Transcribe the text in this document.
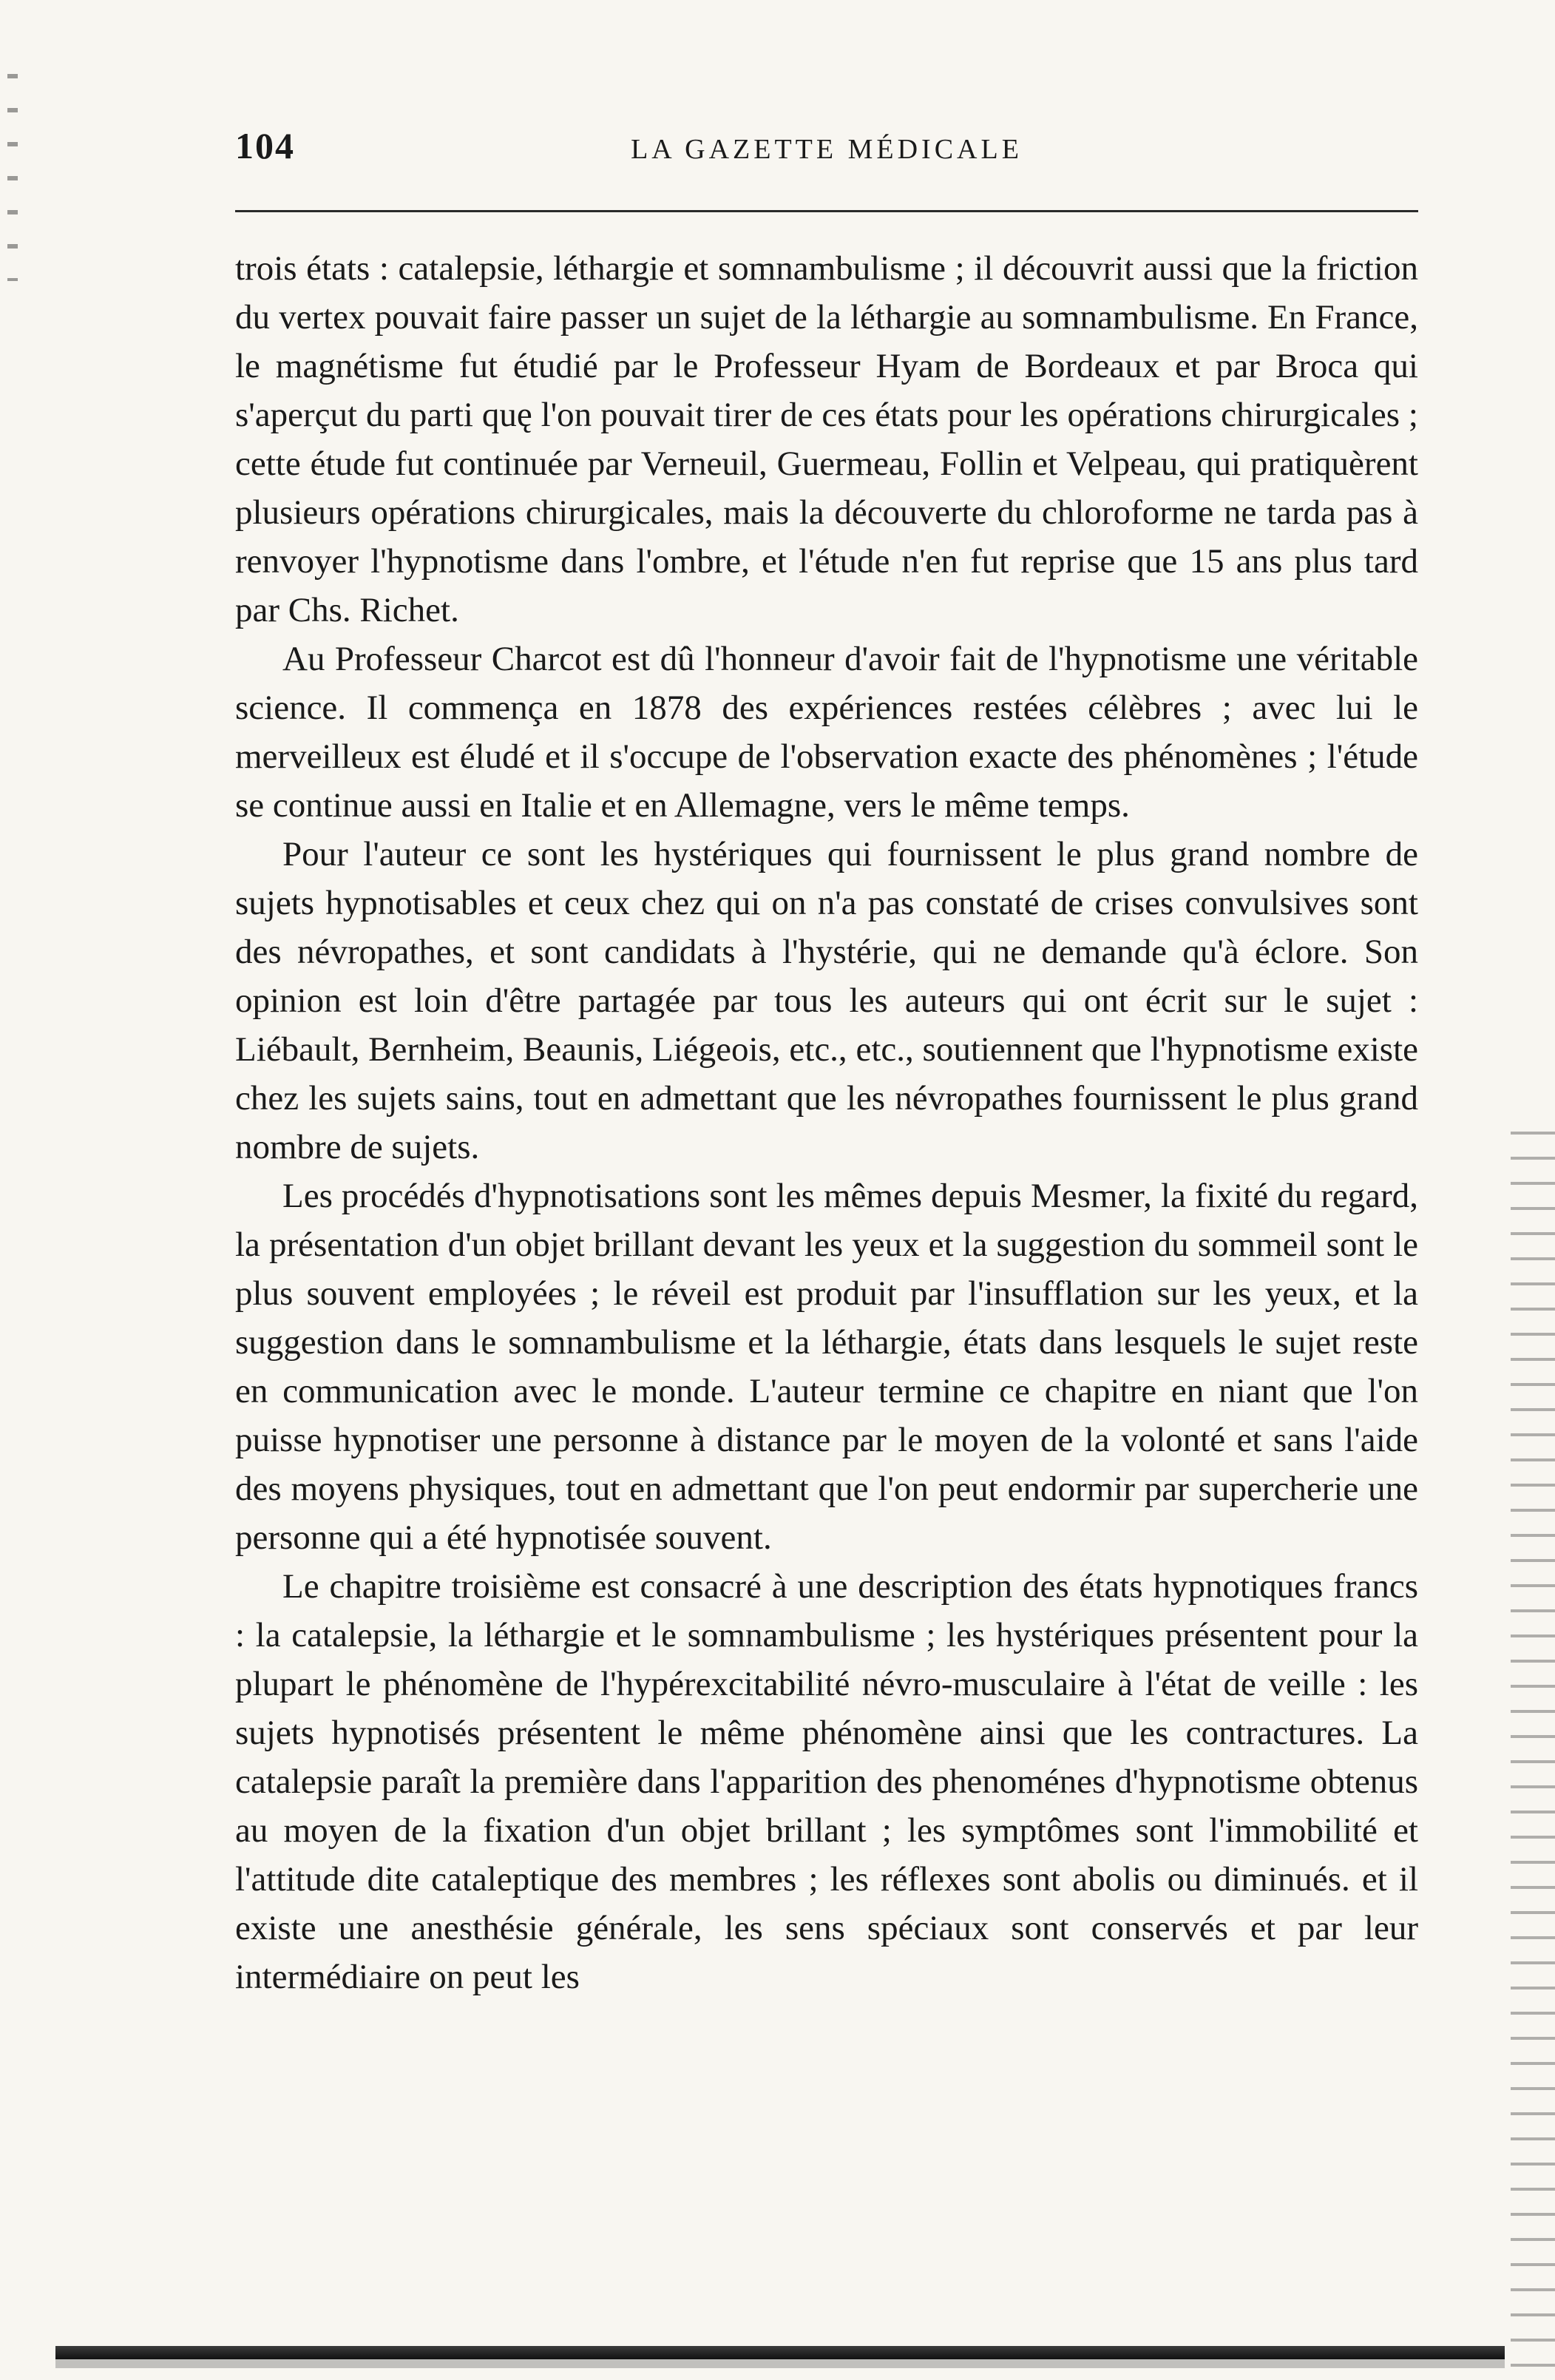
104	LA GAZETTE MÉDICALE

trois états : catalepsie, léthargie et somnambulisme ; il découvrit aussi que la friction du vertex pouvait faire passer un sujet de la léthargie au somnambulisme. En France, le magnétisme fut étudié par le Professeur Hyam de Bordeaux et par Broca qui s'aperçut du parti quę l'on pouvait tirer de ces états pour les opérations chirurgicales ; cette étude fut continuée par Verneuil, Guermeau, Follin et Velpeau, qui pratiquèrent plusieurs opérations chirurgicales, mais la découverte du chloroforme ne tarda pas à renvoyer l'hypnotisme dans l'ombre, et l'étude n'en fut reprise que 15 ans plus tard par Chs. Richet.

Au Professeur Charcot est dû l'honneur d'avoir fait de l'hypnotisme une véritable science. Il commença en 1878 des expériences restées célèbres ; avec lui le merveilleux est éludé et il s'occupe de l'observation exacte des phénomènes ; l'étude se continue aussi en Italie et en Allemagne, vers le même temps.

Pour l'auteur ce sont les hystériques qui fournissent le plus grand nombre de sujets hypnotisables et ceux chez qui on n'a pas constaté de crises convulsives sont des névropathes, et sont candidats à l'hystérie, qui ne demande qu'à éclore. Son opinion est loin d'être partagée par tous les auteurs qui ont écrit sur le sujet : Liébault, Bernheim, Beaunis, Liégeois, etc., etc., soutiennent que l'hypnotisme existe chez les sujets sains, tout en admettant que les névropathes fournissent le plus grand nombre de sujets.

Les procédés d'hypnotisations sont les mêmes depuis Mesmer, la fixité du regard, la présentation d'un objet brillant devant les yeux et la suggestion du sommeil sont le plus souvent employées ; le réveil est produit par l'insufflation sur les yeux, et la suggestion dans le somnambulisme et la léthargie, états dans lesquels le sujet reste en communication avec le monde. L'auteur termine ce chapitre en niant que l'on puisse hypnotiser une personne à distance par le moyen de la volonté et sans l'aide des moyens physiques, tout en admettant que l'on peut endormir par supercherie une personne qui a été hypnotisée souvent.

Le chapitre troisième est consacré à une description des états hypnotiques francs : la catalepsie, la léthargie et le somnambulisme ; les hystériques présentent pour la plupart le phénomène de l'hypérexcitabilité névro-musculaire à l'état de veille : les sujets hypnotisés présentent le même phénomène ainsi que les contractures. La catalepsie paraît la première dans l'apparition des phenoménes d'hypnotisme obtenus au moyen de la fixation d'un objet brillant ; les symptômes sont l'immobilité et l'attitude dite cataleptique des membres ; les réflexes sont abolis ou diminués. et il existe une anesthésie générale, les sens spéciaux sont conservés et par leur intermédiaire on peut les
